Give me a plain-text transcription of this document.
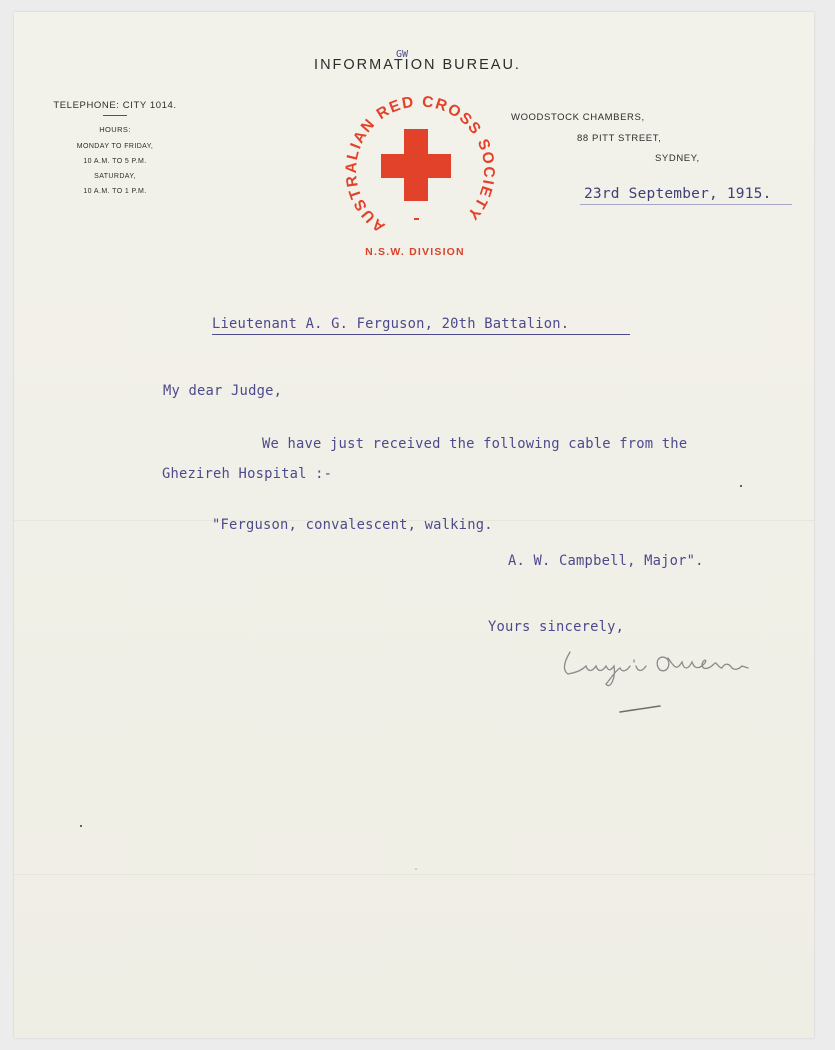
GW
INFORMATION BUREAU.
TELEPHONE: CITY 1014.
HOURS:
MONDAY TO FRIDAY,
10 A.M. TO 5 P.M.
SATURDAY,
10 A.M. TO 1 P.M.
AUSTRALIAN RED CROSS SOCIETY
WOODSTOCK CHAMBERS,
88 PITT STREET,
SYDNEY,
N.S.W. DIVISION
23rd September, 1915.
Lieutenant A. G. Ferguson, 20th Battalion.
My dear Judge,
We have just received the following cable from the
Ghezireh Hospital :-
"Ferguson, convalescent, walking.
A. W. Campbell, Major".
Yours sincerely,
